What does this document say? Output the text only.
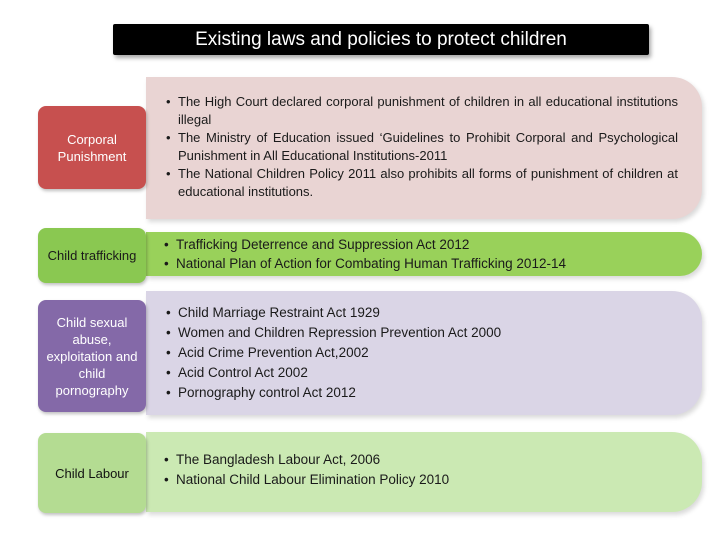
Existing laws and policies to protect children
• The High Court declared corporal punishment of children in all educational institutions illegal
• The Ministry of Education issued ‘Guidelines to Prohibit Corporal and Psychological Punishment in All Educational Institutions-2011
• The National Children Policy 2011 also prohibits all forms of punishment of children at educational institutions.
Corporal Punishment
• Trafficking Deterrence and Suppression Act 2012
• National Plan of Action for Combating Human Trafficking 2012-14
Child trafficking
• Child Marriage Restraint Act 1929
• Women and Children Repression Prevention Act 2000
• Acid Crime Prevention Act,2002
• Acid Control Act 2002
• Pornography control Act 2012
Child sexual abuse, exploitation and child pornography
• The Bangladesh Labour Act, 2006
• National Child Labour Elimination Policy 2010
Child Labour
